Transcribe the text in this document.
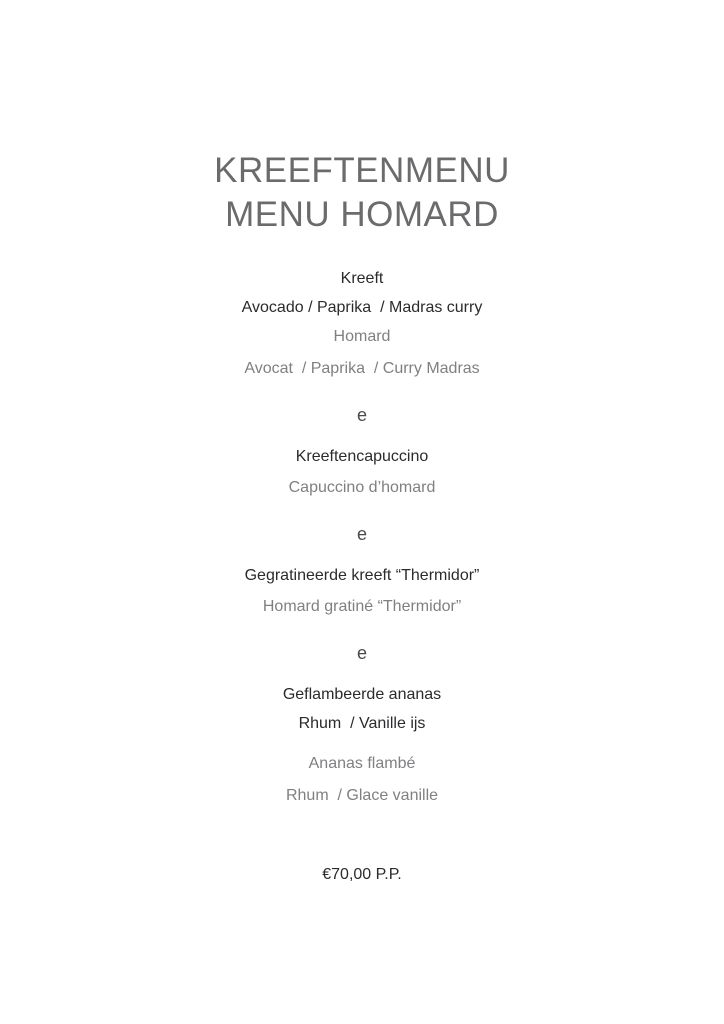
KREEFTENMENU
MENU HOMARD
Kreeft
Avocado / Paprika  / Madras curry
Homard
Avocat  / Paprika  / Curry Madras
e
Kreeftencapuccino
Capuccino d’homard
e
Gegratineerde kreeft “Thermidor”
Homard gratiné “Thermidor”
e
Geflambeerde ananas
Rhum  / Vanille ijs
Ananas flambé
Rhum  / Glace vanille
€70,00 P.P.
